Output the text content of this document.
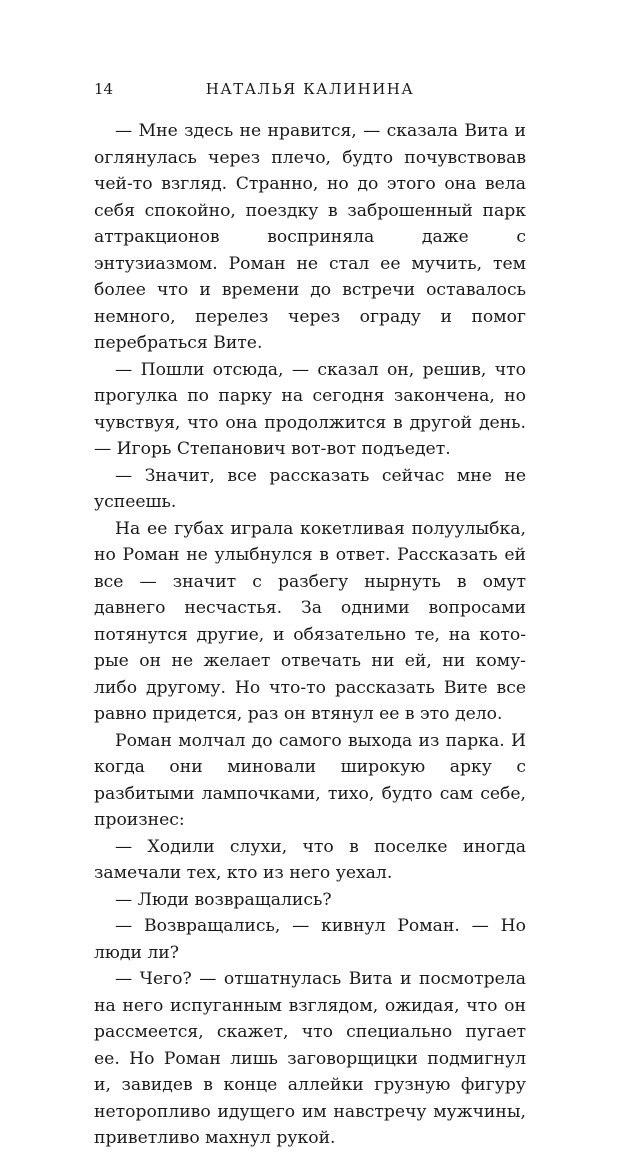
14	НАТАЛЬЯ КАЛИНИНА

— Мне здесь не нравится, — сказала Вита и оглянулась через плечо, будто почувствовав чей-то взгляд. Странно, но до этого она вела себя спокойно, поездку в заброшенный парк аттракционов восприняла даже с энтузиазмом. Роман не стал ее мучить, тем более что и времени до встречи оставалось немного, перелез через ограду и помог перебраться Вите.

— Пошли отсюда, — сказал он, решив, что прогулка по парку на сегодня закончена, но чувствуя, что она продолжится в другой день. — Игорь Степанович вот-вот подъедет.

— Значит, все рассказать сейчас мне не успеешь.

На ее губах играла кокетливая полуулыбка, но Роман не улыбнулся в ответ. Рассказать ей все — значит с разбегу нырнуть в омут давнего несчастья. За одними вопросами потянутся другие, и обязательно те, на которые он не желает отвечать ни ей, ни кому-либо другому. Но что-то рассказать Вите все равно придется, раз он втянул ее в это дело.

Роман молчал до самого выхода из парка. И когда они миновали широкую арку с разбитыми лампочками, тихо, будто сам себе, произнес:

— Ходили слухи, что в поселке иногда замечали тех, кто из него уехал.

— Люди возвращались?

— Возвращались, — кивнул Роман. — Но люди ли?

— Чего? — отшатнулась Вита и посмотрела на него испуганным взглядом, ожидая, что он рассмеется, скажет, что специально пугает ее. Но Роман лишь заговорщицки подмигнул и, завидев в конце аллейки грузную фигуру неторопливо идущего им навстречу мужчины, приветливо махнул рукой.
